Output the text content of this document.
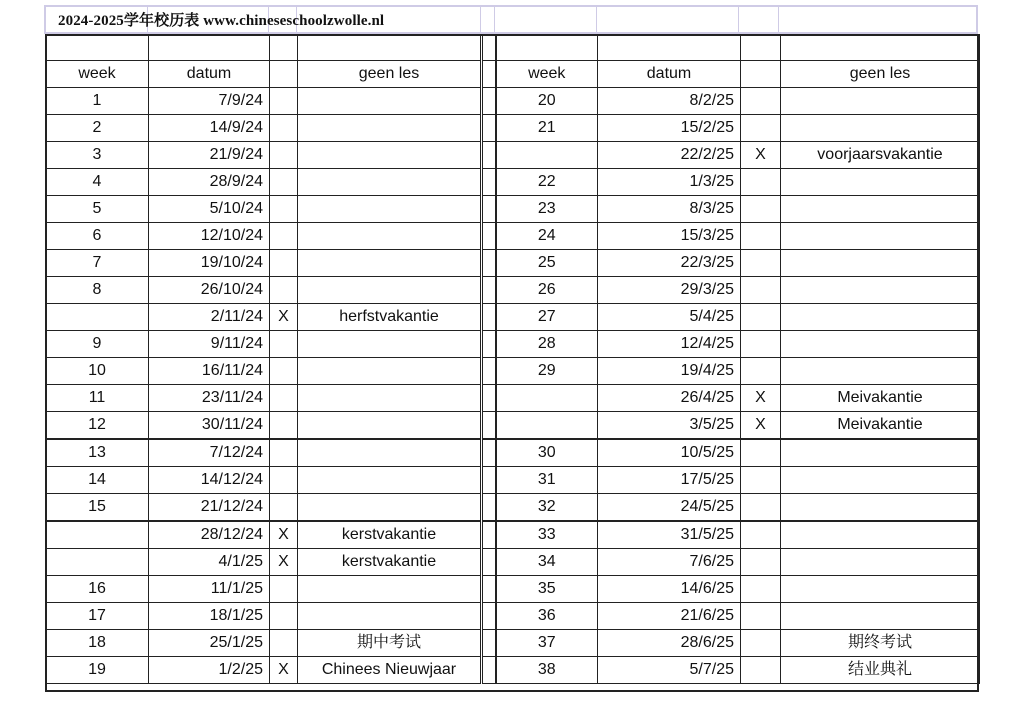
2024-2025学年校历表 www.chineseschoolzwolle.nl

week	datum		geen les		week	datum		geen les
1	7/9/24				20	8/2/25		
2	14/9/24				21	15/2/25		
3	21/9/24					22/2/25	X	voorjaarsvakantie
4	28/9/24				22	1/3/25		
5	5/10/24				23	8/3/25		
6	12/10/24				24	15/3/25		
7	19/10/24				25	22/3/25		
8	26/10/24				26	29/3/25		
	2/11/24	X	herfstvakantie		27	5/4/25		
9	9/11/24				28	12/4/25		
10	16/11/24				29	19/4/25		
11	23/11/24					26/4/25	X	Meivakantie
12	30/11/24					3/5/25	X	Meivakantie
13	7/12/24				30	10/5/25		
14	14/12/24				31	17/5/25		
15	21/12/24				32	24/5/25		
	28/12/24	X	kerstvakantie		33	31/5/25		
	4/1/25	X	kerstvakantie		34	7/6/25		
16	11/1/25				35	14/6/25		
17	18/1/25				36	21/6/25		
18	25/1/25		期中考试		37	28/6/25		期终考试
19	1/2/25	X	Chinees Nieuwjaar		38	5/7/25		结业典礼
